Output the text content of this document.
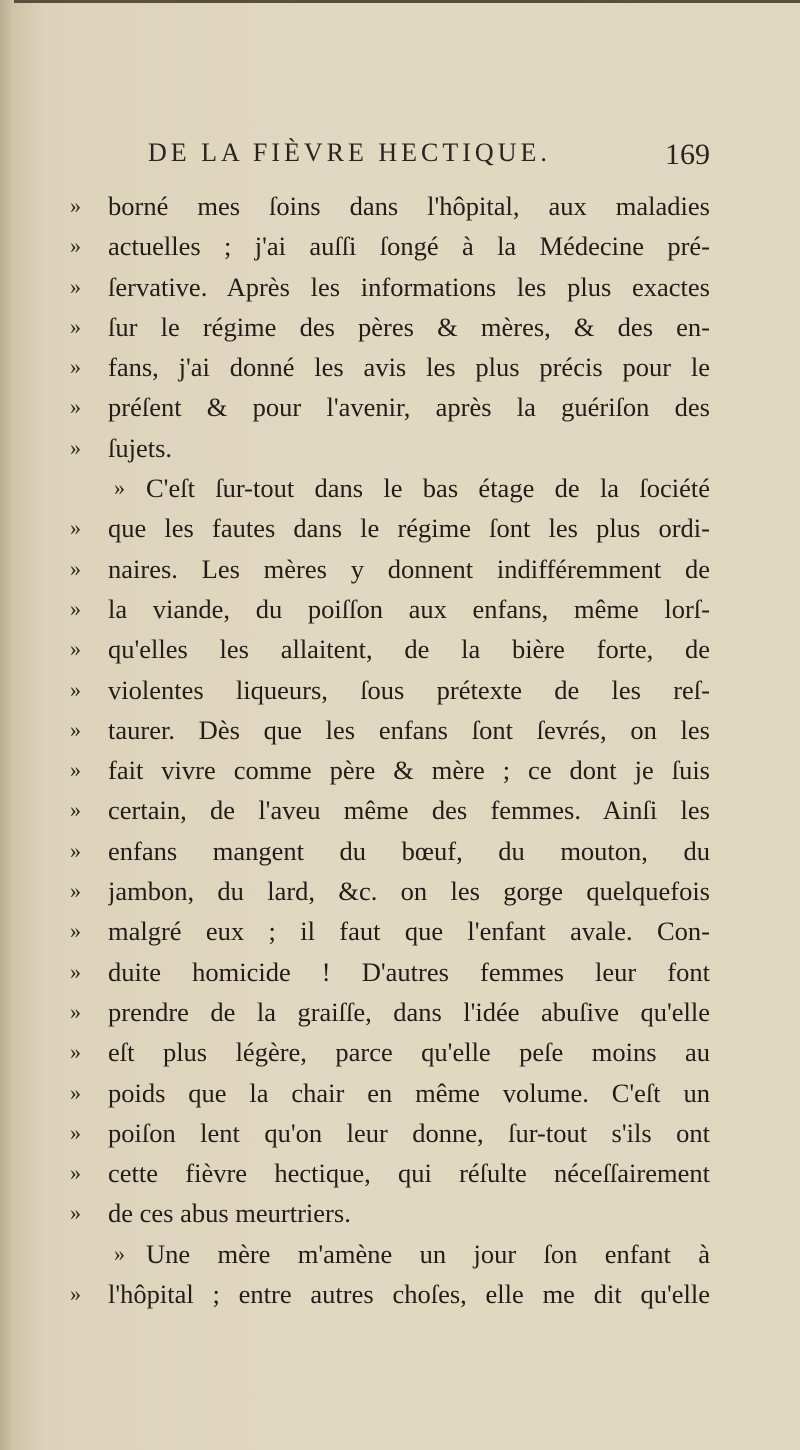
DE LA FIÈVRE HECTIQUE.	169
»	borné mes ſoins dans l'hôpital, aux maladies
»	actuelles ; j'ai auſſi ſongé à la Médecine pré-
»	ſervative. Après les informations les plus exactes
»	ſur le régime des pères & mères, & des en-
»	fans, j'ai donné les avis les plus précis pour le
»	préſent & pour l'avenir, après la guériſon des
»	ſujets.
» C'eſt ſur-tout dans le bas étage de la ſociété
»	que les fautes dans le régime ſont les plus ordi-
»	naires. Les mères y donnent indifféremment de
»	la viande, du poiſſon aux enfans, même lorſ-
»	qu'elles les allaitent, de la bière forte, de
»	violentes liqueurs, ſous prétexte de les reſ-
»	taurer. Dès que les enfans ſont ſevrés, on les
»	fait vivre comme père & mère ; ce dont je ſuis
»	certain, de l'aveu même des femmes. Ainſi les
»	enfans mangent du bœuf, du mouton, du
»	jambon, du lard, &c. on les gorge quelquefois
»	malgré eux ; il faut que l'enfant avale. Con-
»	duite homicide ! D'autres femmes leur font
»	prendre de la graiſſe, dans l'idée abuſive qu'elle
»	eſt plus légère, parce qu'elle peſe moins au
»	poids que la chair en même volume. C'eſt un
»	poiſon lent qu'on leur donne, ſur-tout s'ils ont
»	cette fièvre hectique, qui réſulte néceſſairement
»	de ces abus meurtriers.
» Une mère m'amène un jour ſon enfant à
»	l'hôpital ; entre autres choſes, elle me dit qu'elle
